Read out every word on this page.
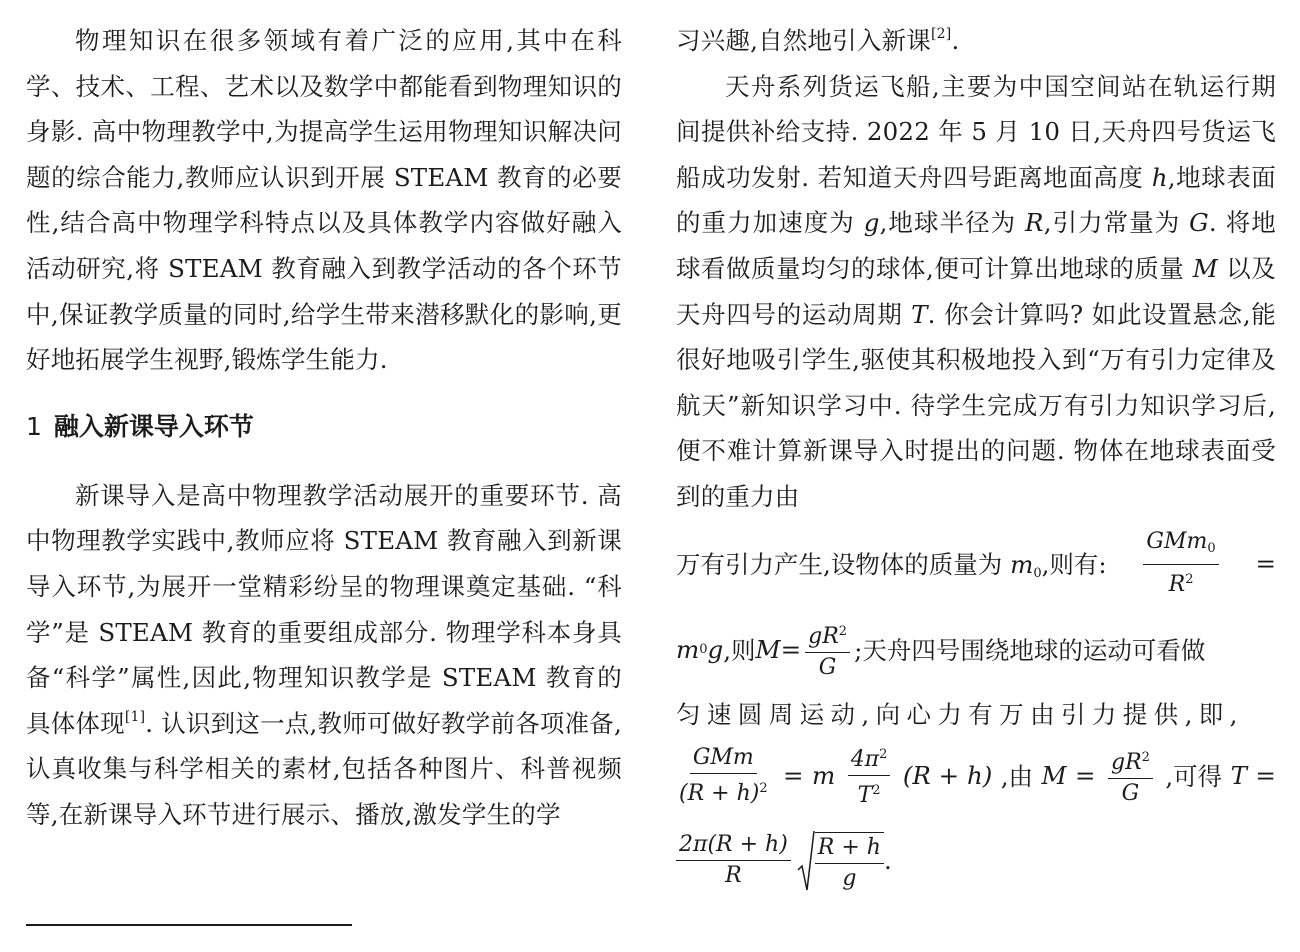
物理知识在很多领域有着广泛的应用,其中在科学、技术、工程、艺术以及数学中都能看到物理知识的身影. 高中物理教学中,为提高学生运用物理知识解决问题的综合能力,教师应认识到开展 STEAM 教育的必要性,结合高中物理学科特点以及具体教学内容做好融入活动研究,将 STEAM 教育融入到教学活动的各个环节中,保证教学质量的同时,给学生带来潜移默化的影响,更好地拓展学生视野,锻炼学生能力.

1 融入新课导入环节

新课导入是高中物理教学活动展开的重要环节. 高中物理教学实践中,教师应将 STEAM 教育融入到新课导入环节,为展开一堂精彩纷呈的物理课奠定基础. “科学”是 STEAM 教育的重要组成部分. 物理学科本身具备“科学”属性,因此,物理知识教学是 STEAM 教育的具体体现[1]. 认识到这一点,教师可做好教学前各项准备,认真收集与科学相关的素材,包括各种图片、科普视频等,在新课导入环节进行展示、播放,激发学生的学

习兴趣,自然地引入新课[2].

天舟系列货运飞船,主要为中国空间站在轨运行期间提供补给支持. 2022 年 5 月 10 日,天舟四号货运飞船成功发射. 若知道天舟四号距离地面高度 h,地球表面的重力加速度为 g,地球半径为 R,引力常量为 G. 将地球看做质量均匀的球体,便可计算出地球的质量 M 以及天舟四号的运动周期 T. 你会计算吗? 如此设置悬念,能很好地吸引学生,驱使其积极地投入到“万有引力定律及航天”新知识学习中. 待学生完成万有引力知识学习后,便不难计算新课导入时提出的问题. 物体在地球表面受到的重力由

万有引力产生,设物体的质量为 m0,则有: $\frac{\text{GMm0}}{R^2}$ =
m 0 g ,则 $M = \frac{gR^2}{G}$ ;天舟四号围绕地球的运动可看做
匀速圆周运动,向心力有万由引力提供,即,
$\frac{\text{GMm}}{(R + h)^2} = m \frac{4\pi^2}{T^2} (R + h)$ ,由 $M = \frac{gR^2}{G}$ ,可得 T =
$\frac{2\pi(R + h)}{R} \frac{R + h}{g}$ .
